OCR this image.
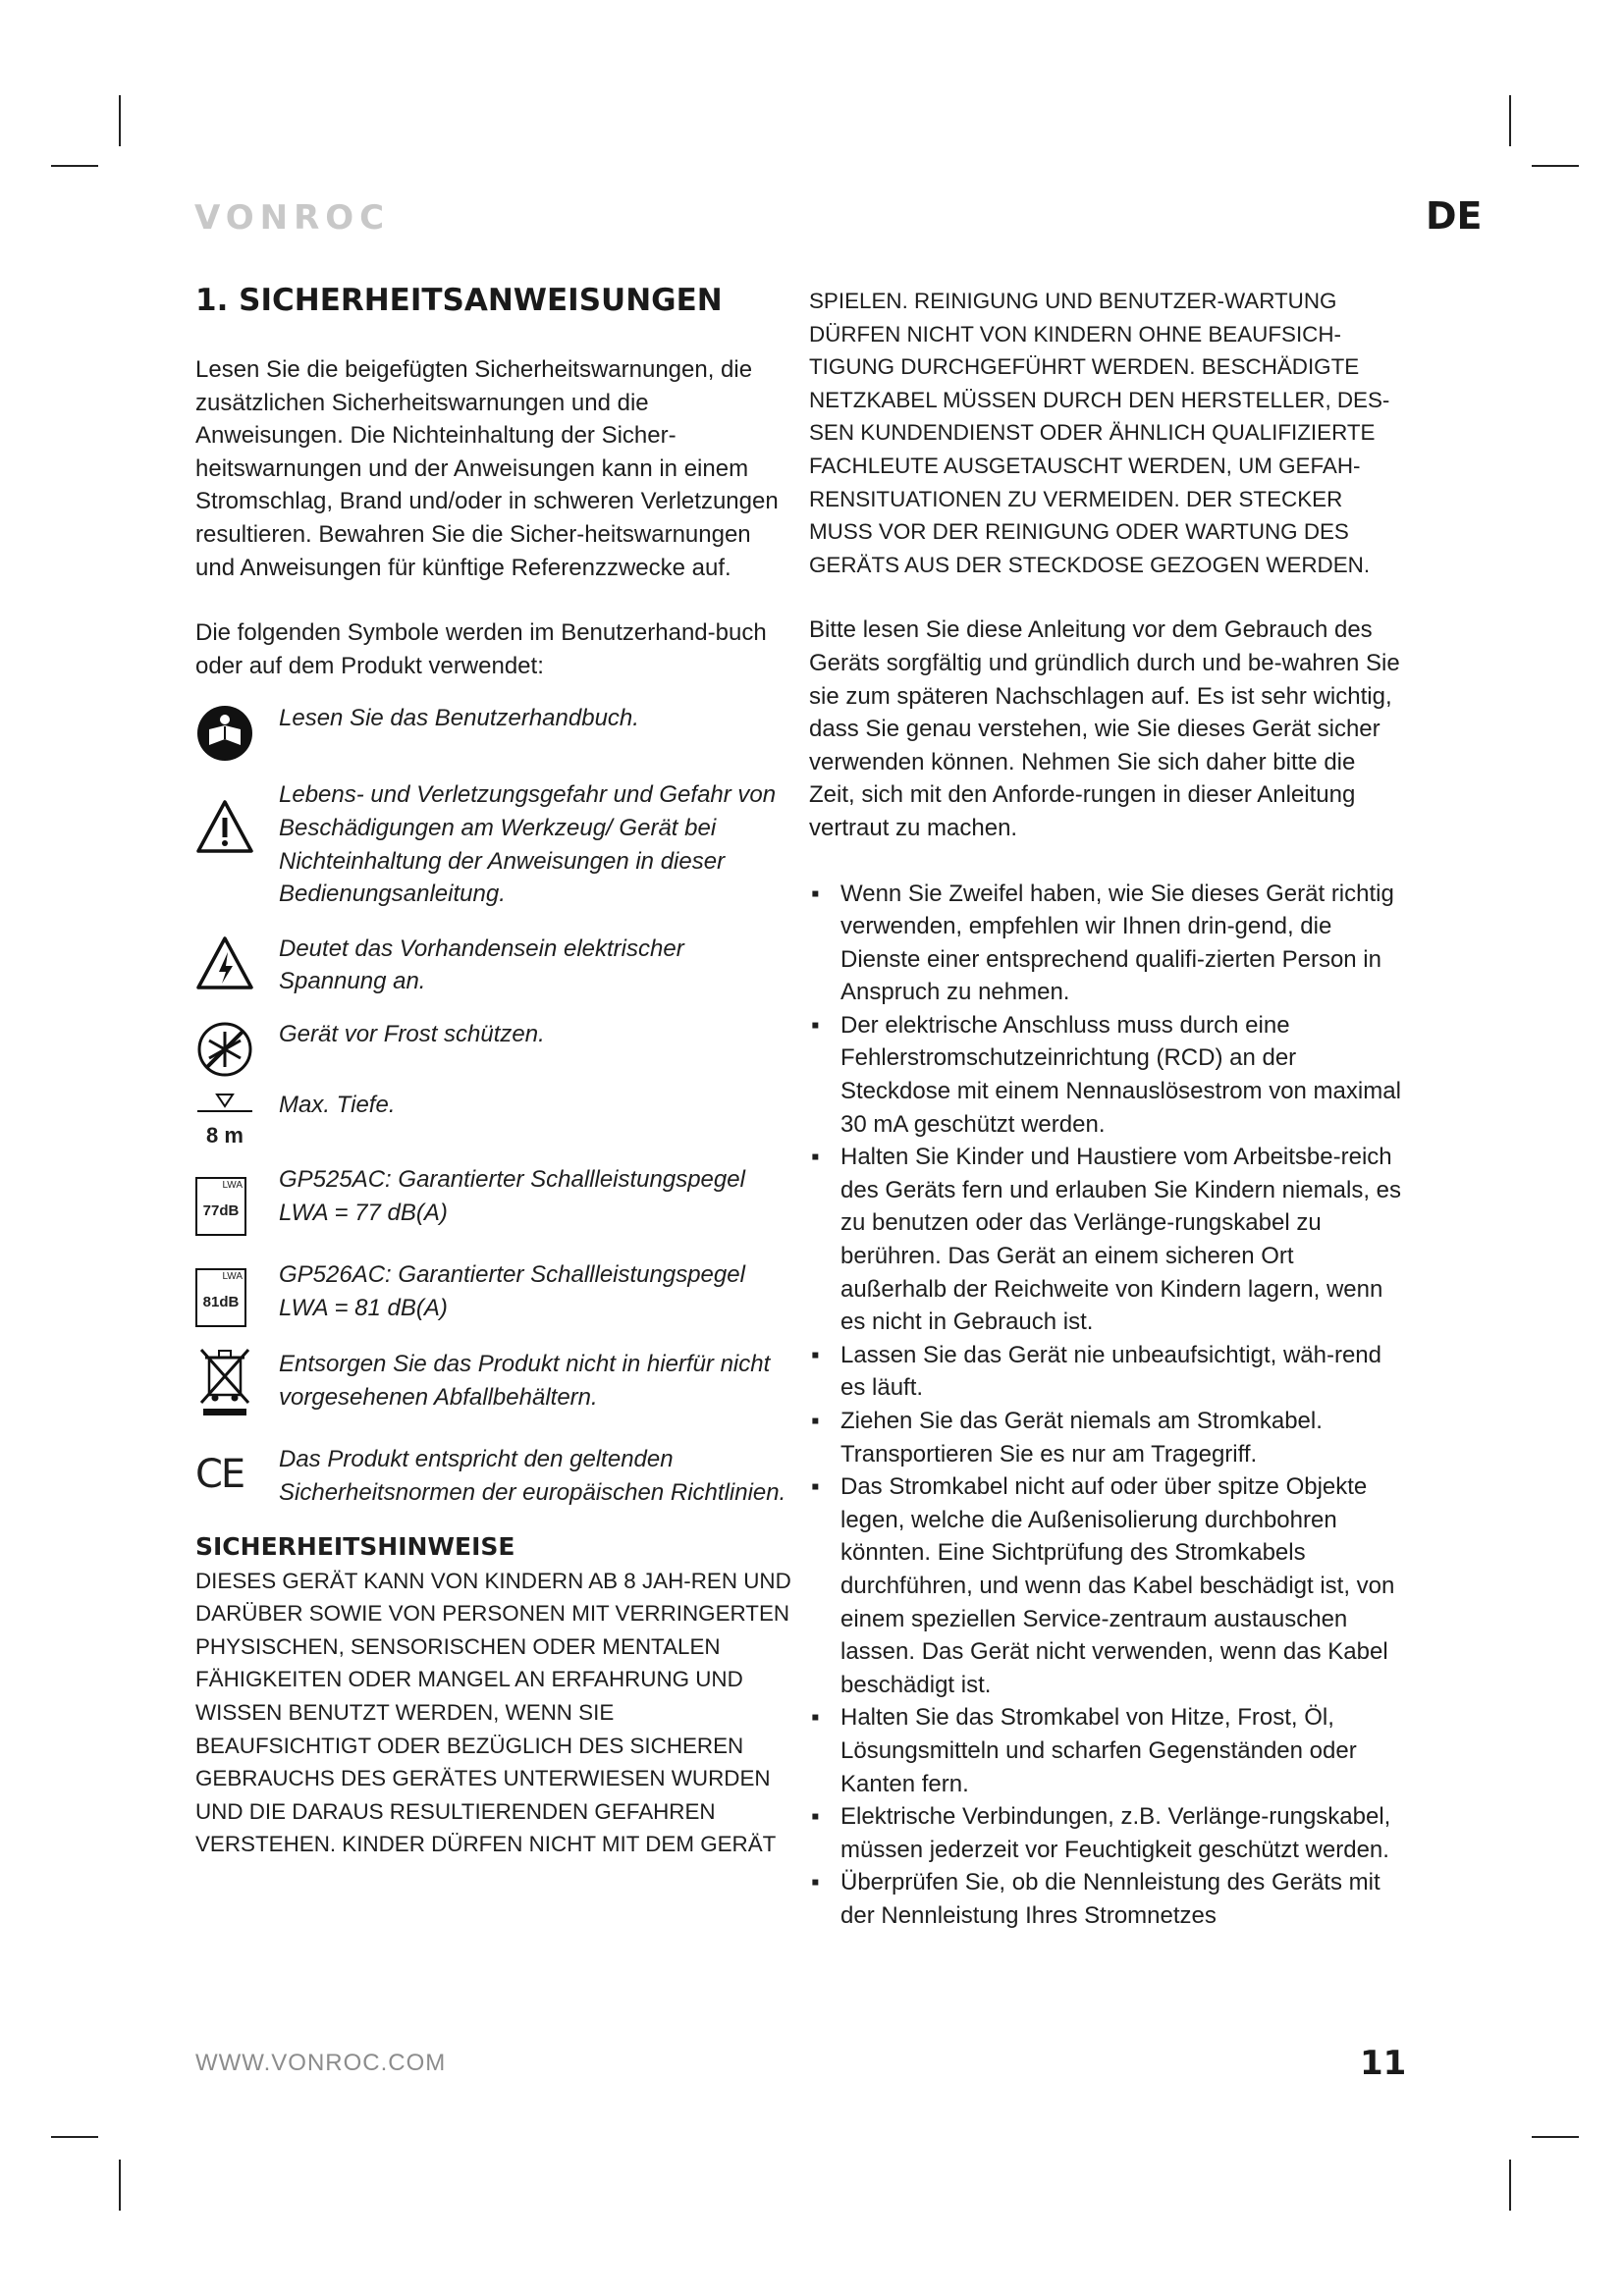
VONROC	DE
1. SICHERHEITSANWEISUNGEN

Lesen Sie die beigefügten Sicherheitswarnungen, die zusätzlichen Sicherheitswarnungen und die Anweisungen. Die Nichteinhaltung der Sicher-heitswarnungen und der Anweisungen kann in einem Stromschlag, Brand und/oder in schweren Verletzungen resultieren. Bewahren Sie die Sicher-heitswarnungen und Anweisungen für künftige Referenzzwecke auf.

Die folgenden Symbole werden im Benutzerhand-buch oder auf dem Produkt verwendet:

Lesen Sie das Benutzerhandbuch.
Lebens- und Verletzungsgefahr und Gefahr von Beschädigungen am Werkzeug/ Gerät bei Nichteinhaltung der Anweisungen in dieser Bedienungsanleitung.
Deutet das Vorhandensein elektrischer Spannung an.
Gerät vor Frost schützen.
8 m
Max. Tiefe.
LWA
77dB
GP525AC: Garantierter Schallleistungspegel LWA = 77 dB(A)
LWA
81dB
GP526AC: Garantierter Schallleistungspegel LWA = 81 dB(A)
Entsorgen Sie das Produkt nicht in hierfür nicht vorgesehenen Abfallbehältern.
CE	Das Produkt entspricht den geltenden Sicherheitsnormen der europäischen Richtlinien.
SICHERHEITSHINWEISE
DIESES GERÄT KANN VON KINDERN AB 8 JAH-REN UND DARÜBER SOWIE VON PERSONEN MIT VERRINGERTEN PHYSISCHEN, SENSORISCHEN ODER MENTALEN FÄHIGKEITEN ODER MANGEL AN ERFAHRUNG UND WISSEN BENUTZT WERDEN, WENN SIE BEAUFSICHTIGT ODER BEZÜGLICH DES SICHEREN GEBRAUCHS DES GERÄTES UNTERWIESEN WURDEN UND DIE DARAUS RESULTIERENDEN GEFAHREN VERSTEHEN. KINDER DÜRFEN NICHT MIT DEM GERÄT
SPIELEN. REINIGUNG UND BENUTZER-WARTUNG DÜRFEN NICHT VON KINDERN OHNE BEAUFSICH-TIGUNG DURCHGEFÜHRT WERDEN. BESCHÄDIGTE NETZKABEL MÜSSEN DURCH DEN HERSTELLER, DES-SEN KUNDENDIENST ODER ÄHNLICH QUALIFIZIERTE FACHLEUTE AUSGETAUSCHT WERDEN, UM GEFAH-RENSITUATIONEN ZU VERMEIDEN. DER STECKER MUSS VOR DER REINIGUNG ODER WARTUNG DES GERÄTS AUS DER STECKDOSE GEZOGEN WERDEN.

Bitte lesen Sie diese Anleitung vor dem Gebrauch des Geräts sorgfältig und gründlich durch und be-wahren Sie sie zum späteren Nachschlagen auf. Es ist sehr wichtig, dass Sie genau verstehen, wie Sie dieses Gerät sicher verwenden können. Nehmen Sie sich daher bitte die Zeit, sich mit den Anforde-rungen in dieser Anleitung vertraut zu machen.

▪ Wenn Sie Zweifel haben, wie Sie dieses Gerät richtig verwenden, empfehlen wir Ihnen drin-gend, die Dienste einer entsprechend qualifi-zierten Person in Anspruch zu nehmen.
▪ Der elektrische Anschluss muss durch eine Fehlerstromschutzeinrichtung (RCD) an der Steckdose mit einem Nennauslösestrom von maximal 30 mA geschützt werden.
▪ Halten Sie Kinder und Haustiere vom Arbeitsbe-reich des Geräts fern und erlauben Sie Kindern niemals, es zu benutzen oder das Verlänge-rungskabel zu berühren. Das Gerät an einem sicheren Ort außerhalb der Reichweite von Kindern lagern, wenn es nicht in Gebrauch ist.
▪ Lassen Sie das Gerät nie unbeaufsichtigt, wäh-rend es läuft.
▪ Ziehen Sie das Gerät niemals am Stromkabel. Transportieren Sie es nur am Tragegriff.
▪ Das Stromkabel nicht auf oder über spitze Objekte legen, welche die Außenisolierung durchbohren könnten. Eine Sichtprüfung des Stromkabels durchführen, und wenn das Kabel beschädigt ist, von einem speziellen Service-zentraum austauschen lassen. Das Gerät nicht verwenden, wenn das Kabel beschädigt ist.
▪ Halten Sie das Stromkabel von Hitze, Frost, Öl, Lösungsmitteln und scharfen Gegenständen oder Kanten fern.
▪ Elektrische Verbindungen, z.B. Verlänge-rungskabel, müssen jederzeit vor Feuchtigkeit geschützt werden.
▪ Überprüfen Sie, ob die Nennleistung des Geräts mit der Nennleistung Ihres Stromnetzes
WWW.VONROC.COM	11
